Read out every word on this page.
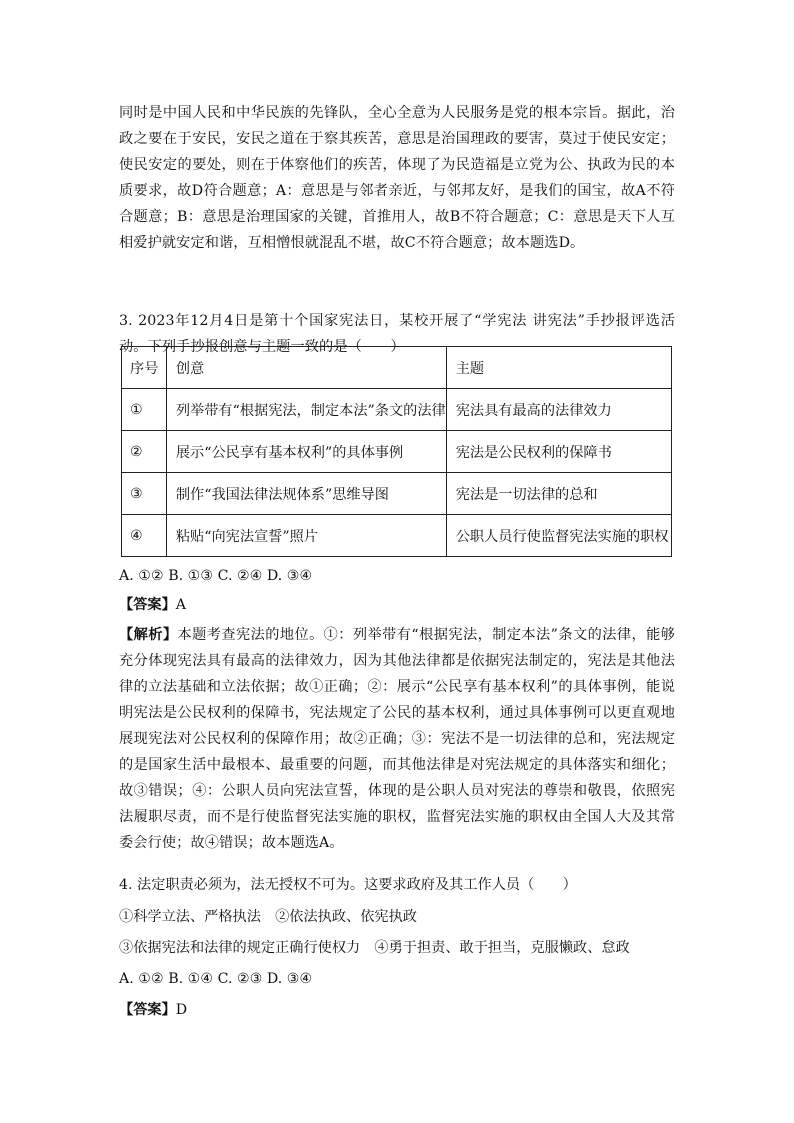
同时是中国人民和中华民族的先锋队，全心全意为人民服务是党的根本宗旨。据此，治政之要在于安民，安民之道在于察其疾苦，意思是治国理政的要害，莫过于使民安定；使民安定的要处，则在于体察他们的疾苦，体现了为民造福是立党为公、执政为民的本质要求，故D符合题意；A：意思是与邻者亲近，与邻邦友好，是我们的国宝，故A不符合题意；B：意思是治理国家的关键，首推用人，故B不符合题意；C：意思是天下人互相爱护就安定和谐，互相憎恨就混乱不堪，故C不符合题意；故本题选D。

3. 2023年12月4日是第十个国家宪法日，某校开展了“学宪法 讲宪法”手抄报评选活动。下列手抄报创意与主题一致的是（　　）

序号	创意	主题
①	列举带有“根据宪法，制定本法”条文的法律	宪法具有最高的法律效力
②	展示“公民享有基本权利”的具体事例	宪法是公民权利的保障书
③	制作“我国法律法规体系”思维导图	宪法是一切法律的总和
④	粘贴“向宪法宣誓”照片	公职人员行使监督宪法实施的职权

A. ①② B. ①③ C. ②④ D. ③④

【答案】A

【解析】本题考查宪法的地位。①：列举带有“根据宪法，制定本法”条文的法律，能够充分体现宪法具有最高的法律效力，因为其他法律都是依据宪法制定的，宪法是其他法律的立法基础和立法依据；故①正确；②：展示“公民享有基本权利”的具体事例，能说明宪法是公民权利的保障书，宪法规定了公民的基本权利，通过具体事例可以更直观地展现宪法对公民权利的保障作用；故②正确；③：宪法不是一切法律的总和，宪法规定的是国家生活中最根本、最重要的问题，而其他法律是对宪法规定的具体落实和细化；故③错误；④：公职人员向宪法宣誓，体现的是公职人员对宪法的尊崇和敬畏，依照宪法履职尽责，而不是行使监督宪法实施的职权，监督宪法实施的职权由全国人大及其常委会行使；故④错误；故本题选A。

4. 法定职责必须为，法无授权不可为。这要求政府及其工作人员（　　）

①科学立法、严格执法　②依法执政、依宪执政

③依据宪法和法律的规定正确行使权力　④勇于担责、敢于担当，克服懒政、怠政

A. ①② B. ①④ C. ②③ D. ③④

【答案】D
